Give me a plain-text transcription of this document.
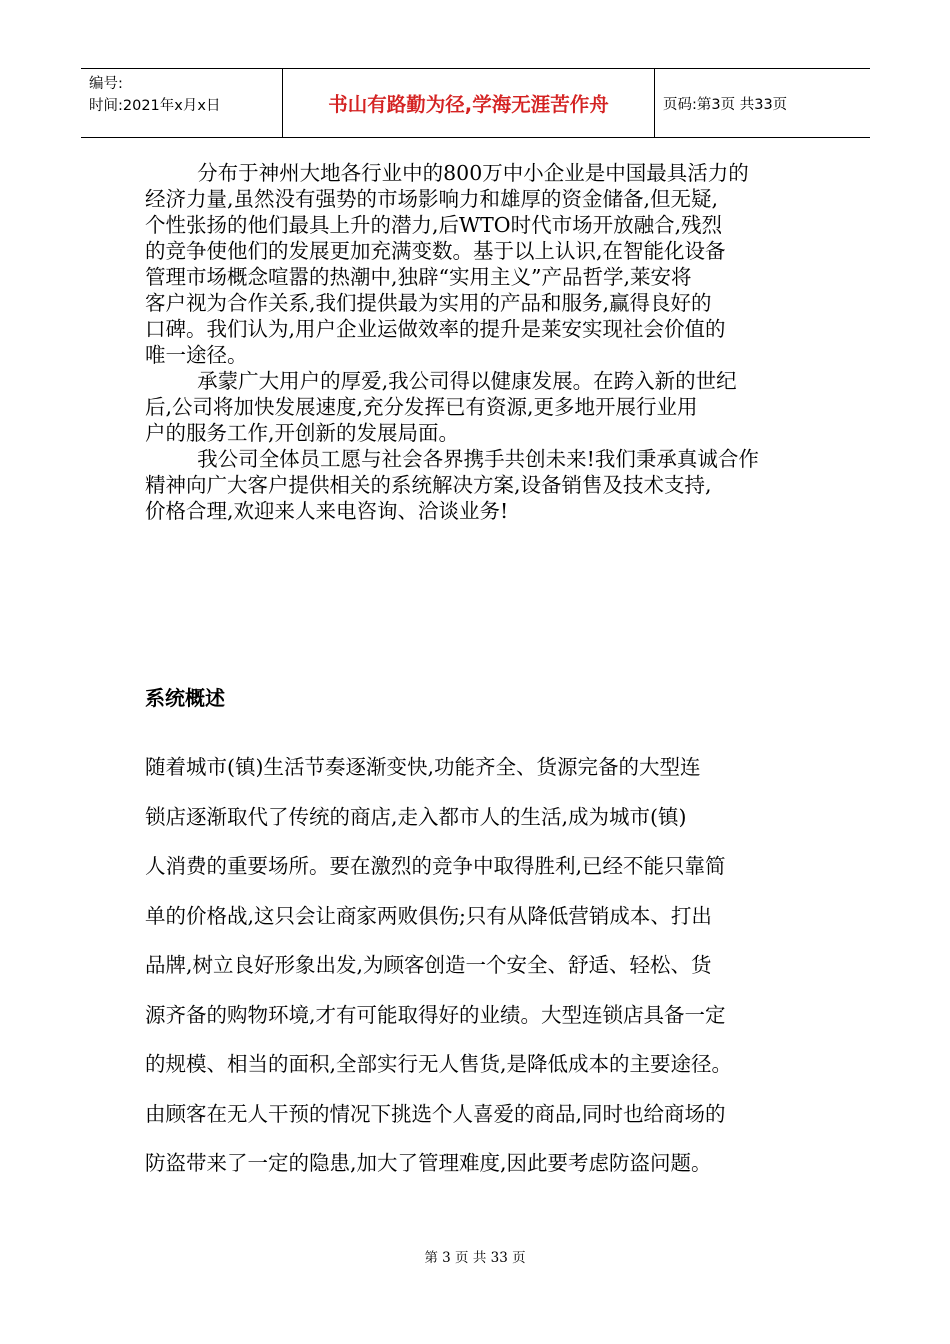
编号:
时间:2021年x月x日	书山有路勤为径,学海无涯苦作舟	页码:第3页 共33页
分布于神州大地各行业中的800万中小企业是中国最具活力的
经济力量,虽然没有强势的市场影响力和雄厚的资金储备,但无疑,
个性张扬的他们最具上升的潜力,后WTO时代市场开放融合,残烈
的竞争使他们的发展更加充满变数。基于以上认识,在智能化设备
管理市场概念喧嚣的热潮中,独辟“实用主义”产品哲学,莱安将
客户视为合作关系,我们提供最为实用的产品和服务,赢得良好的
口碑。我们认为,用户企业运做效率的提升是莱安实现社会价值的
唯一途径。
承蒙广大用户的厚爱,我公司得以健康发展。在跨入新的世纪
后,公司将加快发展速度,充分发挥已有资源,更多地开展行业用
户的服务工作,开创新的发展局面。
我公司全体员工愿与社会各界携手共创未来!我们秉承真诚合作
精神向广大客户提供相关的系统解决方案,设备销售及技术支持,
价格合理,欢迎来人来电咨询、洽谈业务!
系统概述
随着城市(镇)生活节奏逐渐变快,功能齐全、货源完备的大型连
锁店逐渐取代了传统的商店,走入都市人的生活,成为城市(镇)
人消费的重要场所。要在激烈的竞争中取得胜利,已经不能只靠简
单的价格战,这只会让商家两败俱伤;只有从降低营销成本、打出
品牌,树立良好形象出发,为顾客创造一个安全、舒适、轻松、货
源齐备的购物环境,才有可能取得好的业绩。大型连锁店具备一定
的规模、相当的面积,全部实行无人售货,是降低成本的主要途径。
由顾客在无人干预的情况下挑选个人喜爱的商品,同时也给商场的
防盗带来了一定的隐患,加大了管理难度,因此要考虑防盗问题。
第 3 页 共 33 页
